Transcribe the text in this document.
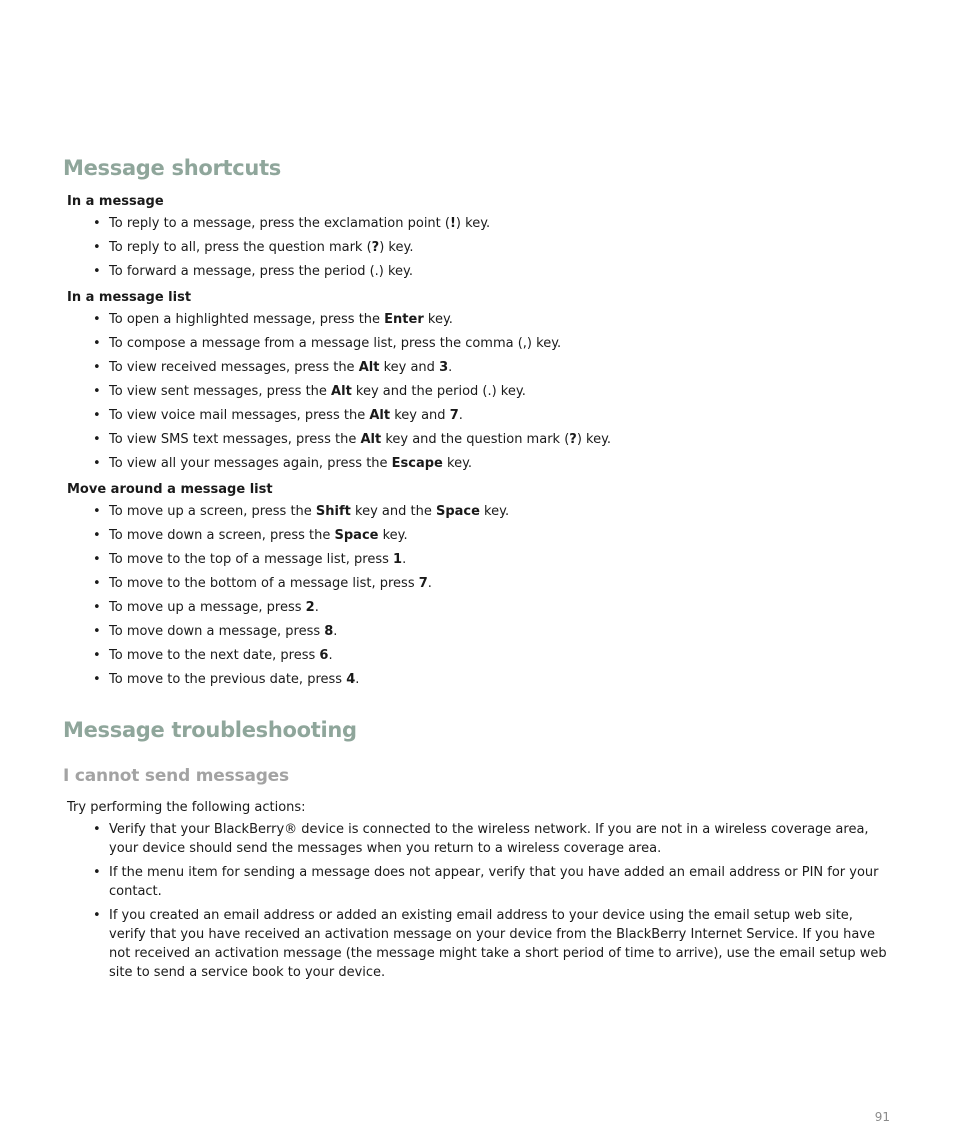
Message shortcuts
In a message
• To reply to a message, press the exclamation point (!) key.
• To reply to all, press the question mark (?) key.
• To forward a message, press the period (.) key.
In a message list
• To open a highlighted message, press the Enter key.
• To compose a message from a message list, press the comma (,) key.
• To view received messages, press the Alt key and 3.
• To view sent messages, press the Alt key and the period (.) key.
• To view voice mail messages, press the Alt key and 7.
• To view SMS text messages, press the Alt key and the question mark (?) key.
• To view all your messages again, press the Escape key.
Move around a message list
• To move up a screen, press the Shift key and the Space key.
• To move down a screen, press the Space key.
• To move to the top of a message list, press 1.
• To move to the bottom of a message list, press 7.
• To move up a message, press 2.
• To move down a message, press 8.
• To move to the next date, press 6.
• To move to the previous date, press 4.
Message troubleshooting
I cannot send messages
Try performing the following actions:
• Verify that your BlackBerry® device is connected to the wireless network. If you are not in a wireless coverage area, your device should send the messages when you return to a wireless coverage area.
• If the menu item for sending a message does not appear, verify that you have added an email address or PIN for your contact.
• If you created an email address or added an existing email address to your device using the email setup web site, verify that you have received an activation message on your device from the BlackBerry Internet Service. If you have not received an activation message (the message might take a short period of time to arrive), use the email setup web site to send a service book to your device.
91
